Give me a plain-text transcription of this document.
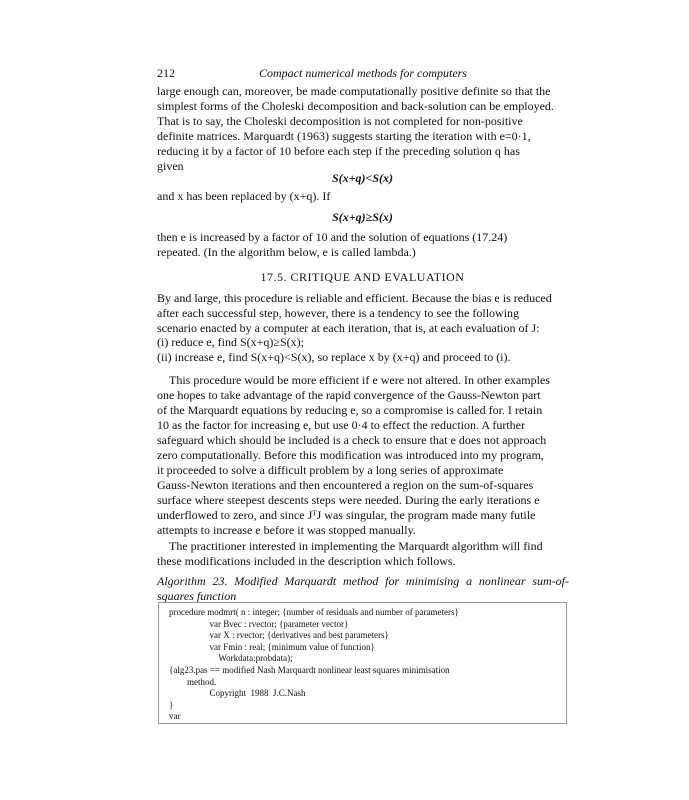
212	Compact numerical methods for computers
large enough can, moreover, be made computationally positive definite so that the
simplest forms of the Choleski decomposition and back-solution can be employed.
That is to say, the Choleski decomposition is not completed for non-positive
definite matrices. Marquardt (1963) suggests starting the iteration with e=0·1,
reducing it by a factor of 10 before each step if the preceding solution q has
given
S(x+q)<S(x)
and x has been replaced by (x+q). If
S(x+q)≥S(x)
then e is increased by a factor of 10 and the solution of equations (17.24)
repeated. (In the algorithm below, e is called lambda.)
17.5. CRITIQUE AND EVALUATION
By and large, this procedure is reliable and efficient. Because the bias e is reduced
after each successful step, however, there is a tendency to see the following
scenario enacted by a computer at each iteration, that is, at each evaluation of J:
(i) reduce e, find S(x+q)≥S(x);
(ii) increase e, find S(x+q)<S(x), so replace x by (x+q) and proceed to (i).
This procedure would be more efficient if e were not altered. In other examples
one hopes to take advantage of the rapid convergence of the Gauss-Newton part
of the Marquardt equations by reducing e, so a compromise is called for. I retain
10 as the factor for increasing e, but use 0·4 to effect the reduction. A further
safeguard which should be included is a check to ensure that e does not approach
zero computationally. Before this modification was introduced into my program,
it proceeded to solve a difficult problem by a long series of approximate
Gauss-Newton iterations and then encountered a region on the sum-of-squares
surface where steepest descents steps were needed. During the early iterations e
underflowed to zero, and since JᵀJ was singular, the program made many futile
attempts to increase e before it was stopped manually.
The practitioner interested in implementing the Marquardt algorithm will find
these modifications included in the description which follows.
Algorithm 23. Modified Marquardt method for minimising a nonlinear sum-of-squares function
procedure modmrt( n : integer; {number of residuals and number of parameters}
var Bvec : rvector; {parameter vector}
var X : rvector; {derivatives and best parameters}
var Fmin : real; {minimum value of function}
Workdata:probdata);
{alg23.pas == modified Nash Marquardt nonlinear least squares minimisation
method.
Copyright  1988  J.C.Nash
}
var
